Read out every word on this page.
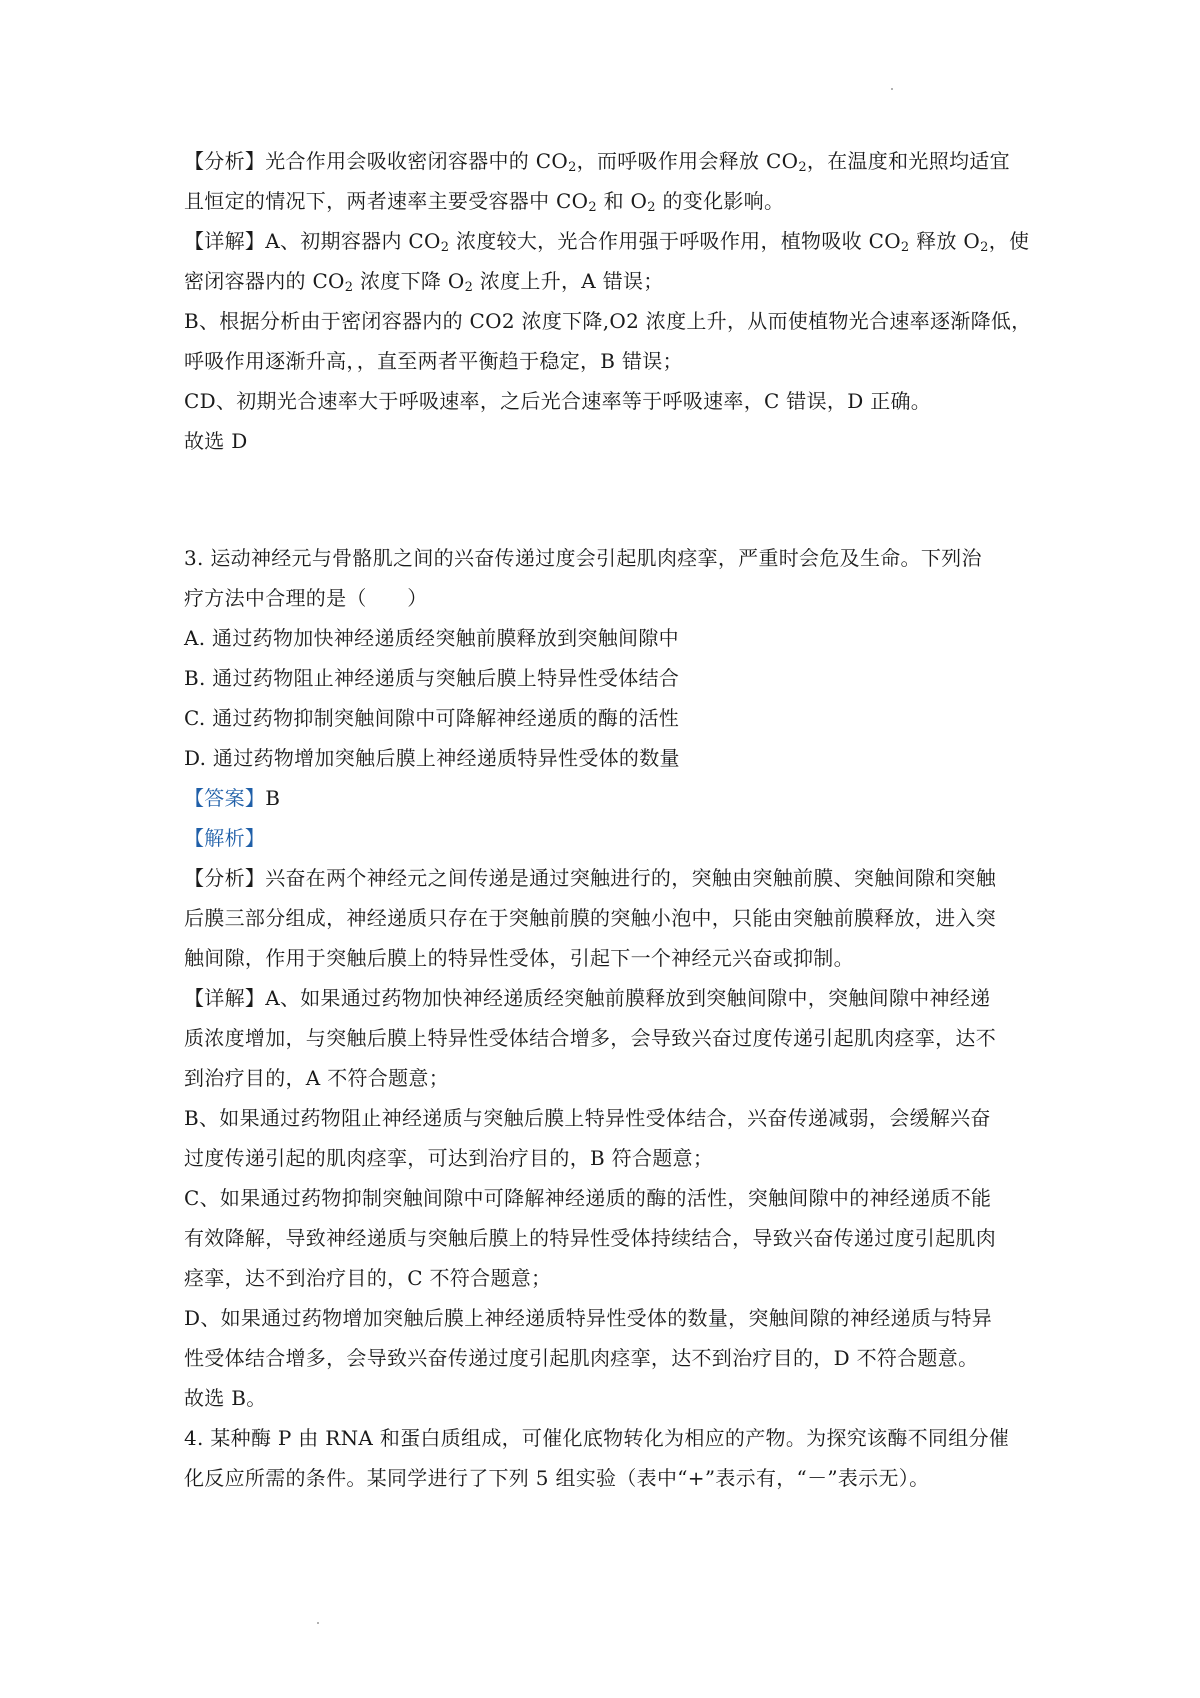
【分析】光合作用会吸收密闭容器中的 $CO_2$，而呼吸作用会释放 $CO_2$，在温度和光照均适宜
且恒定的情况下，两者速率主要受容器中 $CO_2$ 和 $O_2$ 的变化影响。
【详解】A、初期容器内 $CO_2$ 浓度较大，光合作用强于呼吸作用，植物吸收 $CO_2$ 释放 $O_2$，使
密闭容器内的 $CO_2$ 浓度下降 $O_2$ 浓度上升，A 错误；
B、根据分析由于密闭容器内的 CO2 浓度下降,O2 浓度上升，从而使植物光合速率逐渐降低，
呼吸作用逐渐升高，，直至两者平衡趋于稳定，B 错误；
CD、初期光合速率大于呼吸速率，之后光合速率等于呼吸速率，C 错误，D 正确。
故选 D
3. 运动神经元与骨骼肌之间的兴奋传递过度会引起肌肉痉挛，严重时会危及生命。下列治
疗方法中合理的是（　　）
A. 通过药物加快神经递质经突触前膜释放到突触间隙中
B. 通过药物阻止神经递质与突触后膜上特异性受体结合
C. 通过药物抑制突触间隙中可降解神经递质的酶的活性
D. 通过药物增加突触后膜上神经递质特异性受体的数量
【答案】B
【解析】
【分析】兴奋在两个神经元之间传递是通过突触进行的，突触由突触前膜、突触间隙和突触
后膜三部分组成，神经递质只存在于突触前膜的突触小泡中，只能由突触前膜释放，进入突
触间隙，作用于突触后膜上的特异性受体，引起下一个神经元兴奋或抑制。
【详解】A、如果通过药物加快神经递质经突触前膜释放到突触间隙中，突触间隙中神经递
质浓度增加，与突触后膜上特异性受体结合增多，会导致兴奋过度传递引起肌肉痉挛，达不
到治疗目的，A 不符合题意；
B、如果通过药物阻止神经递质与突触后膜上特异性受体结合，兴奋传递减弱，会缓解兴奋
过度传递引起的肌肉痉挛，可达到治疗目的，B 符合题意；
C、如果通过药物抑制突触间隙中可降解神经递质的酶的活性，突触间隙中的神经递质不能
有效降解，导致神经递质与突触后膜上的特异性受体持续结合，导致兴奋传递过度引起肌肉
痉挛，达不到治疗目的，C 不符合题意；
D、如果通过药物增加突触后膜上神经递质特异性受体的数量，突触间隙的神经递质与特异
性受体结合增多，会导致兴奋传递过度引起肌肉痉挛，达不到治疗目的，D 不符合题意。
故选 B。
4. 某种酶 P 由 RNA 和蛋白质组成，可催化底物转化为相应的产物。为探究该酶不同组分催
化反应所需的条件。某同学进行了下列 5 组实验（表中“+”表示有，“－”表示无）。
